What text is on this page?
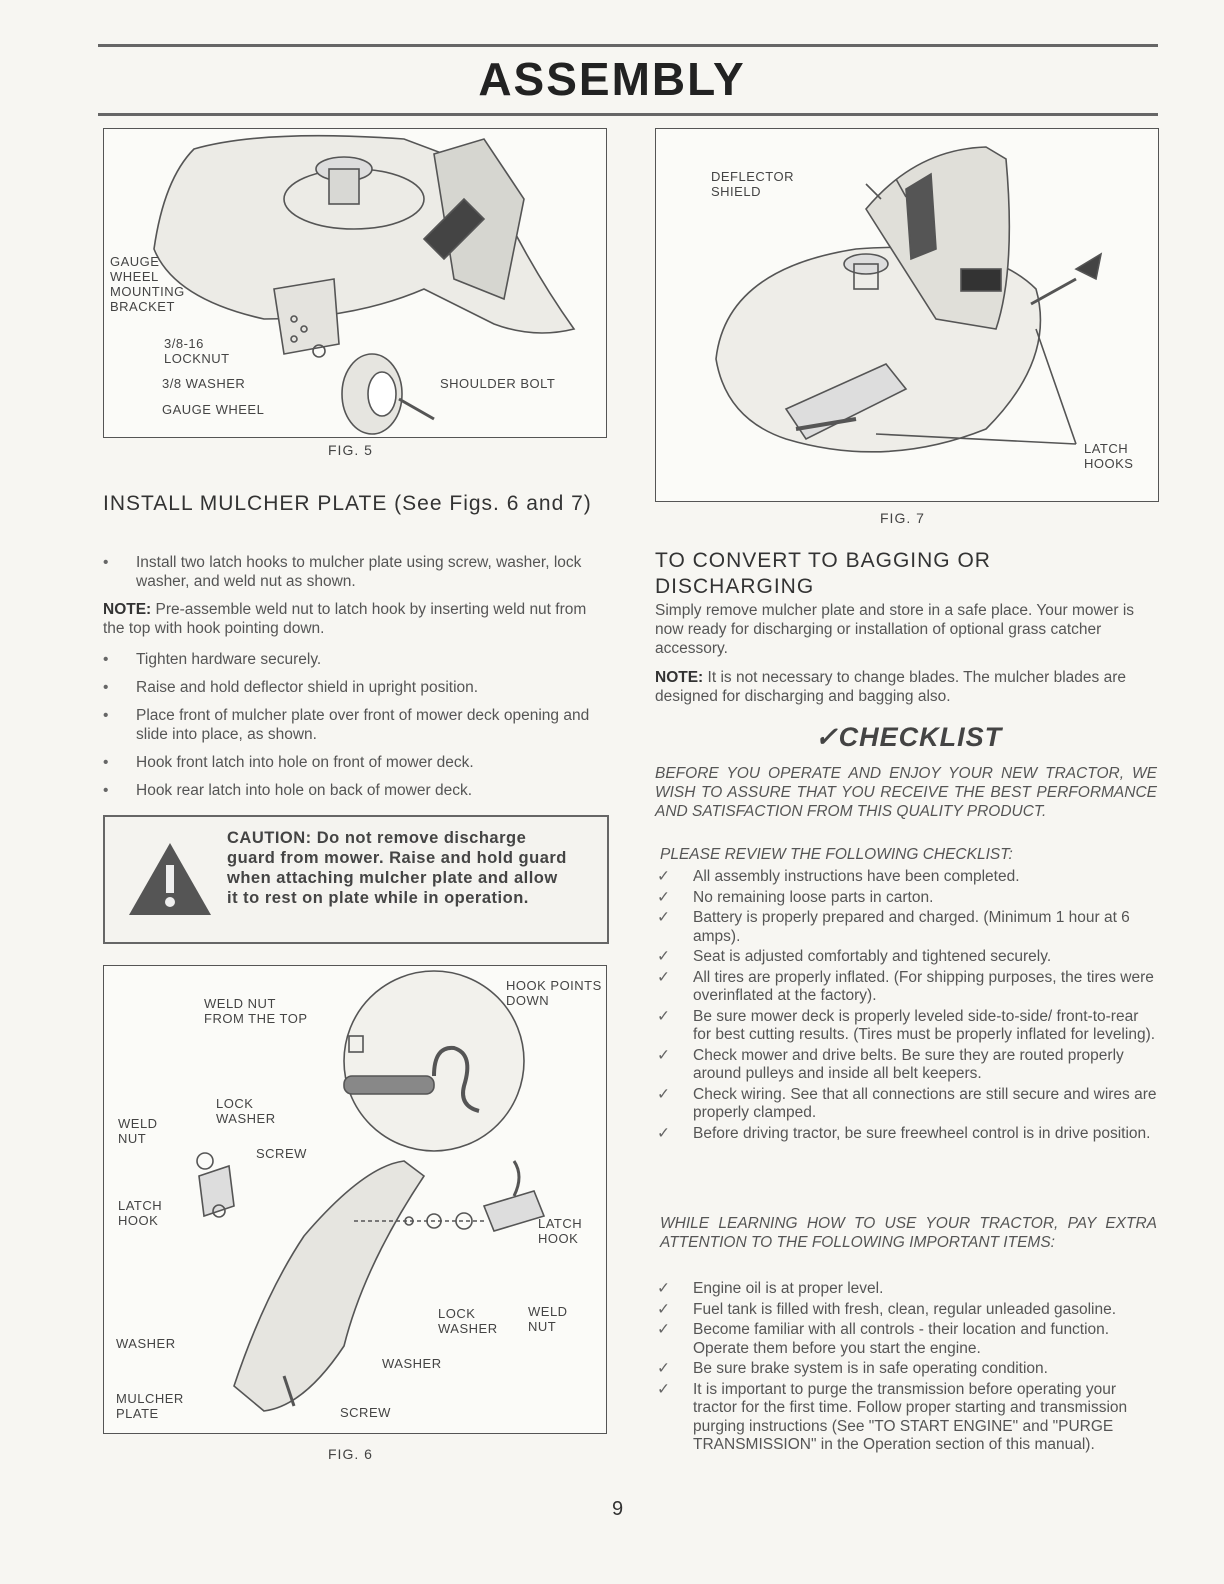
ASSEMBLY
GAUGE
WHEEL
MOUNTING
BRACKET
3/8-16
LOCKNUT
3/8 WASHER
GAUGE WHEEL
SHOULDER BOLT
FIG. 5
INSTALL MULCHER PLATE (See Figs. 6 and 7)
• Install two latch hooks to mulcher plate using screw, washer, lock washer, and weld nut as shown.

NOTE: Pre-assemble weld nut to latch hook by inserting weld nut from the top with hook pointing down.

• Tighten hardware securely.
• Raise and hold deflector shield in upright position.
• Place front of mulcher plate over front of mower deck opening and slide into place, as shown.
• Hook front latch into hole on front of mower deck.
• Hook rear latch into hole on back of mower deck.
CAUTION: Do not remove discharge guard from mower. Raise and hold guard when attaching mulcher plate and allow it to rest on plate while in operation.
WELD NUT
FROM THE TOP
HOOK POINTS
DOWN
LOCK
WASHER
WELD
NUT
SCREW
LATCH
HOOK	LATCH
HOOK
LOCK
WASHER
WELD
NUT
WASHER
WASHER
MULCHER
PLATE	SCREW
FIG. 6
DEFLECTOR
SHIELD
LATCH
HOOKS
FIG. 7
TO CONVERT TO BAGGING OR DISCHARGING

Simply remove mulcher plate and store in a safe place. Your mower is now ready for discharging or installation of optional grass catcher accessory.

NOTE: It is not necessary to change blades. The mulcher blades are designed for discharging and bagging also.

✓CHECKLIST

BEFORE YOU OPERATE AND ENJOY YOUR NEW TRACTOR, WE WISH TO ASSURE THAT YOU RECEIVE THE BEST PERFORMANCE AND SATISFACTION FROM THIS QUALITY PRODUCT.

PLEASE REVIEW THE FOLLOWING CHECKLIST:

✓ All assembly instructions have been completed.
✓ No remaining loose parts in carton.
✓ Battery is properly prepared and charged. (Minimum 1 hour at 6 amps).
✓ Seat is adjusted comfortably and tightened securely.
✓ All tires are properly inflated. (For shipping purposes, the tires were overinflated at the factory).
✓ Be sure mower deck is properly leveled side-to-side/ front-to-rear for best cutting results. (Tires must be properly inflated for leveling).
✓ Check mower and drive belts. Be sure they are routed properly around pulleys and inside all belt keepers.
✓ Check wiring. See that all connections are still secure and wires are properly clamped.
✓ Before driving tractor, be sure freewheel control is in drive position.

WHILE LEARNING HOW TO USE YOUR TRACTOR, PAY EXTRA ATTENTION TO THE FOLLOWING IMPORTANT ITEMS:

✓ Engine oil is at proper level.
✓ Fuel tank is filled with fresh, clean, regular unleaded gasoline.
✓ Become familiar with all controls - their location and function. Operate them before you start the engine.
✓ Be sure brake system is in safe operating condition.
✓ It is important to purge the transmission before operating your tractor for the first time. Follow proper starting and transmission purging instructions (See "TO START ENGINE" and "PURGE TRANSMISSION" in the Operation section of this manual).
9
